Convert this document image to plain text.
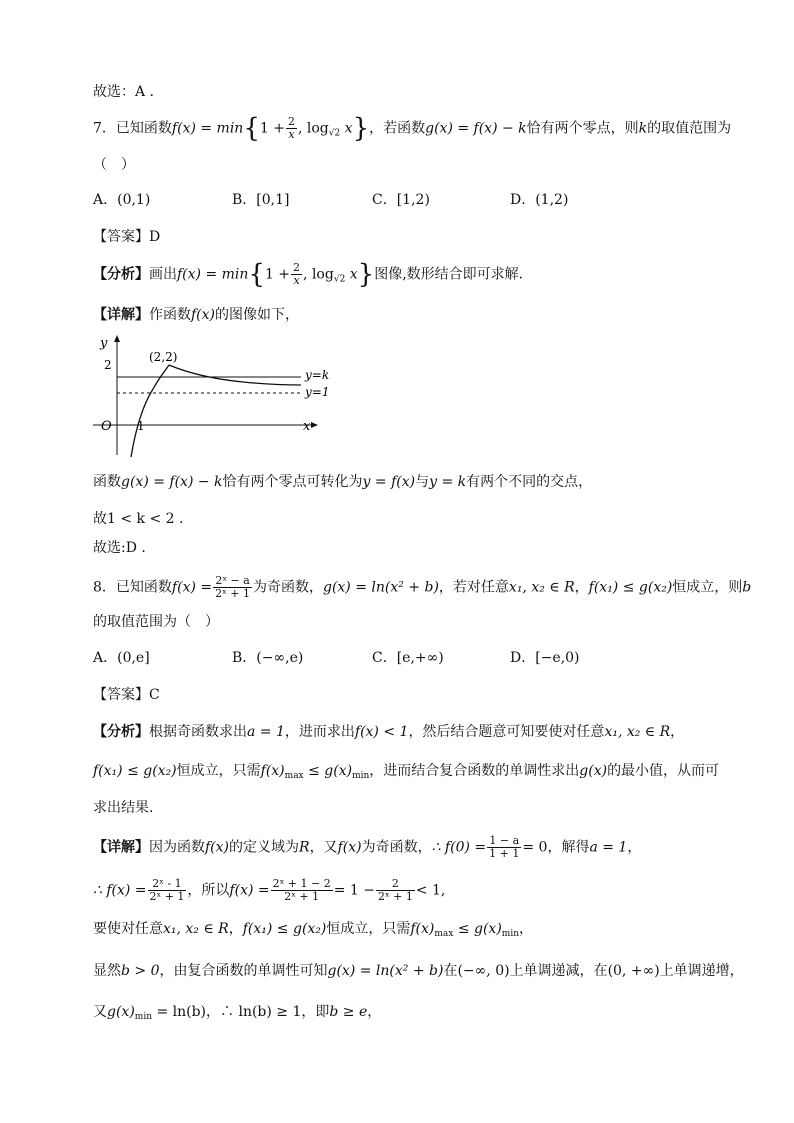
故选：A .
7．已知函数$f(x) = \min\{1 + \frac{2}{x}$ , $\log_{√2} x$}，若函数g(x) = f(x) − k恰有两个零点，则k的取值范围为
（　）
A．(0,1)	B．[0,1]	C．[1,2)	D．(1,2)
【答案】D
【分析】画出$f(x) = \min\{1 + \frac{2}{x}$ , $\log_{√2} x$}图像,数形结合即可求解.
【详解】作函数f(x)的图像如下，
y
x
O 1
2
(2,2)
y=k
y=1
函数g(x) = f(x) − k恰有两个零点可转化为y = f(x)与y = k有两个不同的交点，
故1 < k < 2 .
故选:D .
8．已知函数$f(x) = \frac{\text{2ˣ − a}}{\text{2ˣ + 1}}$ 为奇函数，g(x) = ln(x² + b)，若对任意x₁, x₂ ∈ R，f(x₁) ≤ g(x₂)恒成立，则b
的取值范围为（　）
A．(0,e]	B．(−∞,e)	C．[e,+∞)	D．[−e,0)
【答案】C
【分析】根据奇函数求出a = 1，进而求出f(x) < 1，然后结合题意可知要使对任意x₁, x₂ ∈ R，
f(x₁) ≤ g(x₂)恒成立，只需$f(x)_{max} \le g(x)_{min}$，进而结合复合函数的单调性求出g(x)的最小值，从而可
求出结果.
【详解】因为函数f(x)的定义域为R，又f(x)为奇函数，∴ $f(0) = \frac{1 - a}{1 + 1} = 0$，解得a = 1，
∴ $f(x) = \frac{\text{2ˣ - 1}}{\text{2ˣ + 1}}$ ，所以$f(x) = \frac{\text{2ˣ + 1 − 2}}{\text{2ˣ + 1}} = 1 - \frac{2}{\text{2ˣ + 1}} < 1$,
要使对任意x₁, x₂ ∈ R，f(x₁) ≤ g(x₂)恒成立，只需$f(x)_{max} \le g(x)_{min}$，
显然b > 0，由复合函数的单调性可知g(x) = ln(x² + b)在(−∞, 0)上单调递减，在(0, +∞)上单调递增，
又$g(x)_{min} = \ln(b)$，∴ ln(b) ≥ 1，即b ≥ e，
